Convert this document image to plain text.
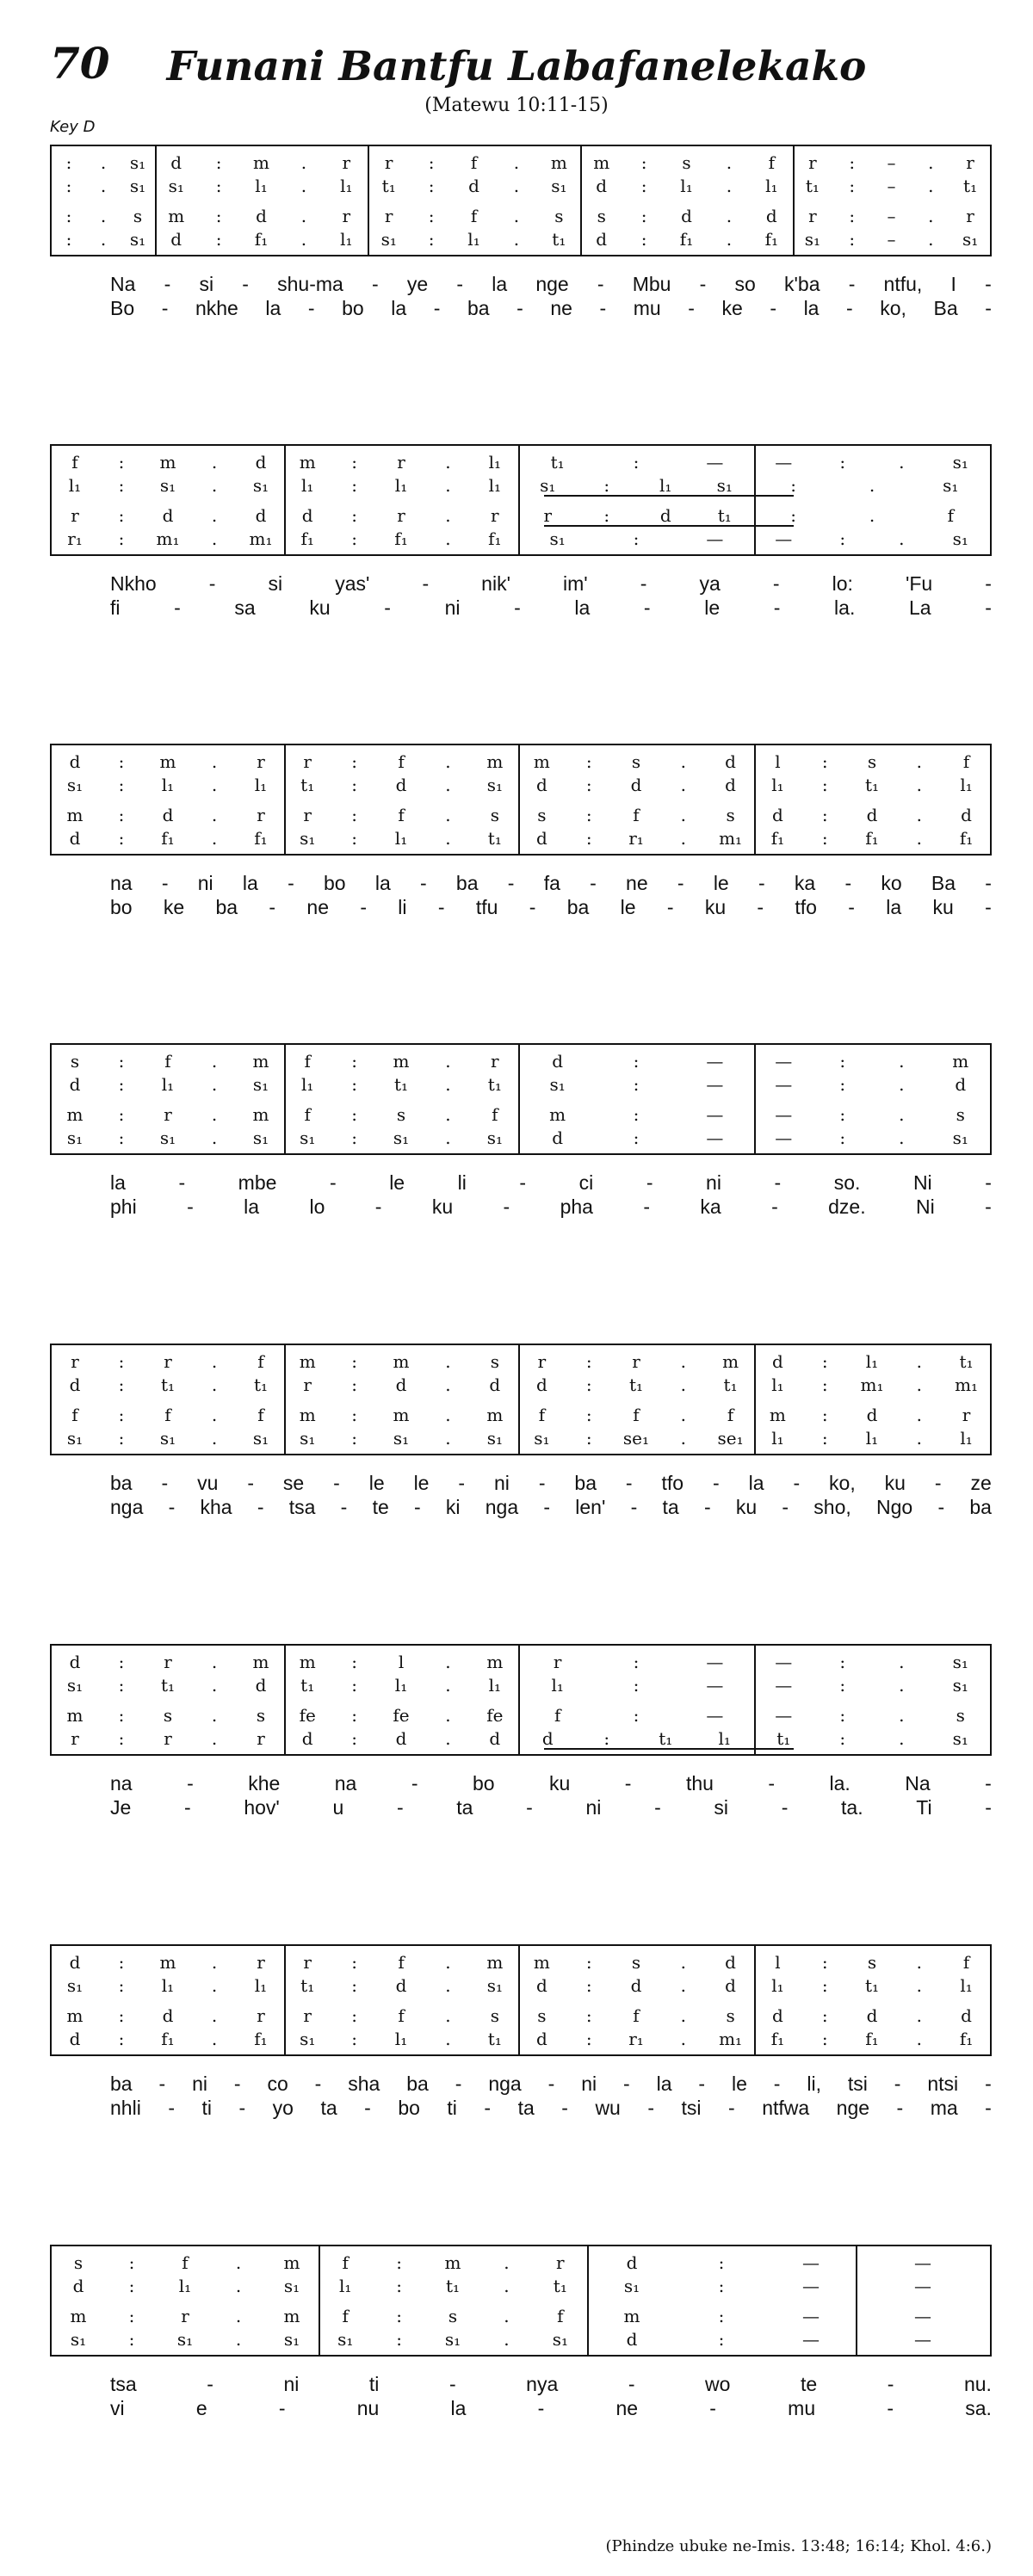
70	Funani Bantfu Labafanelekako
(Matewu 10:11-15)
Key D
:	.	s₁	d	:	m	.	r	r	:	f	.	m	m	:	s	.	f	r	:	–	.	r
:	.	s₁	s₁	:	l₁	.	l₁	t₁	:	d	.	s₁	d	:	l₁	.	l₁	t₁	:	–	.	t₁
:	.	s	m	:	d	.	r	r	:	f	.	s	s	:	d	.	d	r	:	–	.	r
:	.	s₁	d	:	f₁	.	l₁	s₁	:	l₁	.	t₁	d	:	f₁	.	f₁	s₁	:	–	.	s₁
Na - si - shu-ma - ye - la nge - Mbu - so k'ba - ntfu, I -
Bo - nkhe la - bo la - ba - ne - mu - ke - la - ko, Ba -
f	:	m	.	d	m	:	r	.	l₁	t₁	:	—	—	:	.	s₁
l₁	:	s₁	.	s₁	l₁	:	l₁	.	l₁	s₁	:	l₁	s₁	:	.	s₁
r	:	d	.	d	d	:	r	.	r	r	:	d	t₁	:	.	f
r₁	:	m₁	.	m₁	f₁	:	f₁	.	f₁	s₁	:	—	—	:	.	s₁
Nkho	-	si	yas'	-	nik'	im'	-	ya	-	lo:	'Fu	-
fi	-	sa	ku	-	ni	-	la	-	le	-	la.	La	-
d	:	m	.	r	r	:	f	.	m	m	:	s	.	d	l	:	s	.	f
s₁	:	l₁	.	l₁	t₁	:	d	.	s₁	d	:	d	.	d	l₁	:	t₁	.	l₁
m	:	d	.	r	r	:	f	.	s	s	:	f	.	s	d	:	d	.	d
d	:	f₁	.	f₁	s₁	:	l₁	.	t₁	d	:	r₁	.	m₁	f₁	:	f₁	.	f₁
na - ni la - bo la - ba - fa - ne - le - ka - ko Ba -
bo ke ba - ne - li - tfu - ba le - ku - tfo - la ku -
s	:	f	.	m	f	:	m	.	r	d	:	—	—	:	.	m
d	:	l₁	.	s₁	l₁	:	t₁	.	t₁	s₁	:	—	—	:	.	d
m	:	r	.	m	f	:	s	.	f	m	:	—	—	:	.	s
s₁	:	s₁	.	s₁	s₁	:	s₁	.	s₁	d	:	—	—	:	.	s₁
la	-	mbe	-	le	li	-	ci	-	ni	-	so.	Ni	-
phi	-	la	lo	-	ku	-	pha	-	ka	-	dze.	Ni	-
r	:	r	.	f	m	:	m	.	s	r	:	r	.	m	d	:	l₁	.	t₁
d	:	t₁	.	t₁	r	:	d	.	d	d	:	t₁	.	t₁	l₁	:	m₁	.	m₁
f	:	f	.	f	m	:	m	.	m	f	:	f	.	f	m	:	d	.	r
s₁	:	s₁	.	s₁	s₁	:	s₁	.	s₁	s₁	:	se₁	.	se₁	l₁	:	l₁	.	l₁
ba - vu - se - le le - ni - ba - tfo - la - ko, ku - ze
nga - kha - tsa - te - ki nga - len' - ta - ku - sho, Ngo - ba
d	:	r	.	m	m	:	l	.	m	r	:	—	—	:	.	s₁
s₁	:	t₁	.	d	t₁	:	l₁	.	l₁	l₁	:	—	—	:	.	s₁
m	:	s	.	s	fe	:	fe	.	fe	f	:	—	—	:	.	s
r	:	r	.	r	d	:	d	.	d	d	:	t₁	l₁	t₁	:	.	s₁
na	-	khe	na	-	bo	ku	-	thu	-	la.	Na	-
Je	-	hov'	u	-	ta	-	ni	-	si	-	ta.	Ti	-
d	:	m	.	r	r	:	f	.	m	m	:	s	.	d	l	:	s	.	f
s₁	:	l₁	.	l₁	t₁	:	d	.	s₁	d	:	d	.	d	l₁	:	t₁	.	l₁
m	:	d	.	r	r	:	f	.	s	s	:	f	.	s	d	:	d	.	d
d	:	f₁	.	f₁	s₁	:	l₁	.	t₁	d	:	r₁	.	m₁	f₁	:	f₁	.	f₁
ba - ni - co - sha ba - nga - ni - la - le - li, tsi - ntsi -
nhli - ti - yo ta - bo ti - ta - wu - tsi - ntfwa nge - ma -
s	:	f	.	m	f	:	m	.	r	d	:	—	—
d	:	l₁	.	s₁	l₁	:	t₁	.	t₁	s₁	:	—	—
m	:	r	.	m	f	:	s	.	f	m	:	—	—
s₁	:	s₁	.	s₁	s₁	:	s₁	.	s₁	d	:	—	—
tsa	-	ni	ti	-	nya	-	wo	te	-	nu.
vi	e	-	nu	la	-	ne	-	mu	-	sa.
(Phindze ubuke ne-Imis. 13:48; 16:14; Khol. 4:6.)
